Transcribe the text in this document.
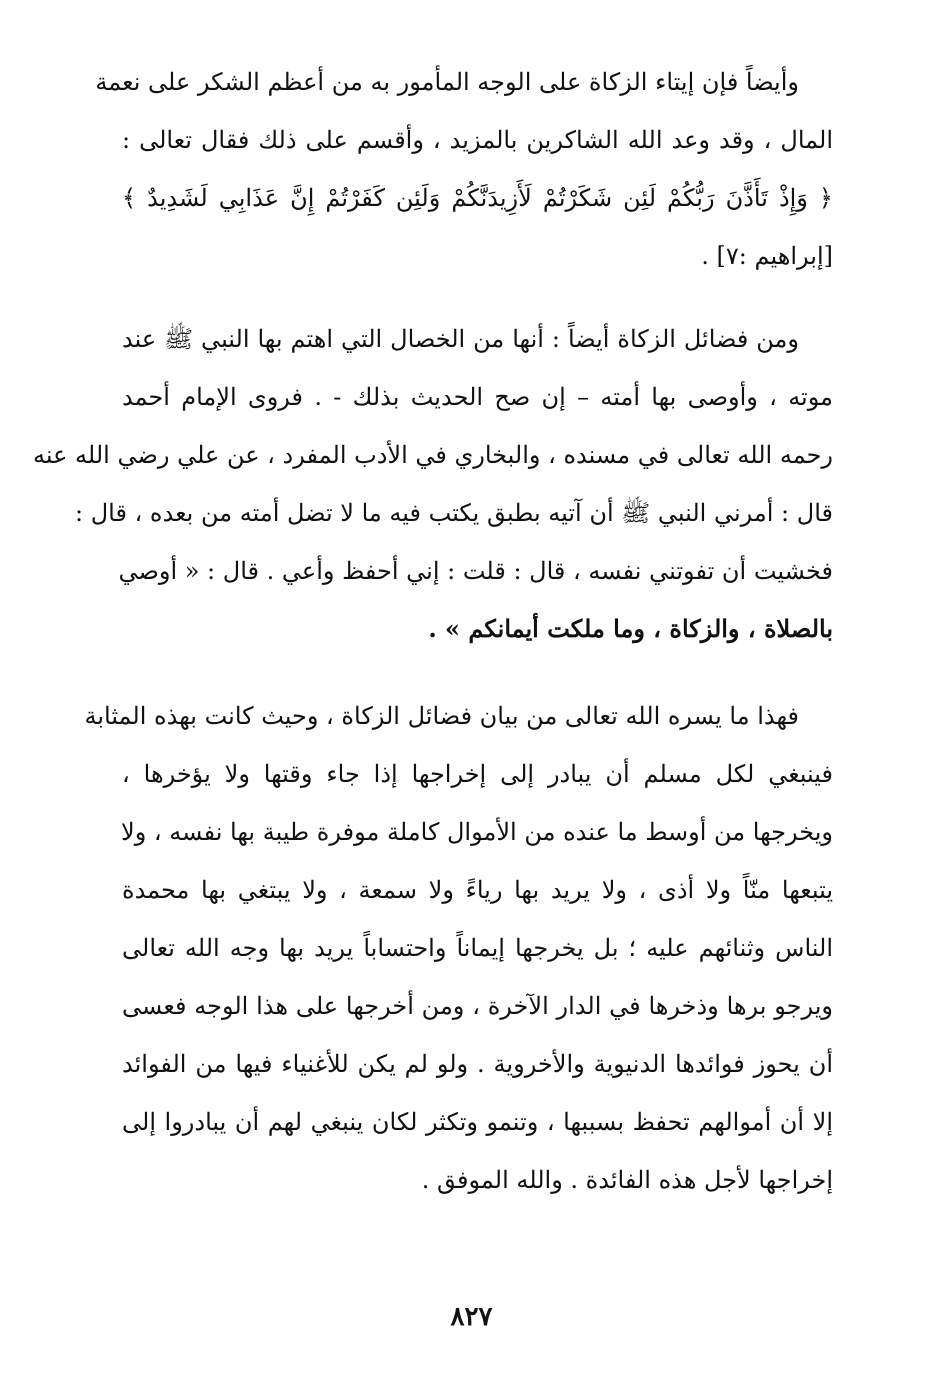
وأيضاً فإن إيتاء الزكاة على الوجه المأمور به من أعظم الشكر على نعمة
المال ، وقد وعد الله الشاكرين بالمزيد ، وأقسم على ذلك فقال تعالى :
﴿ وَإِذْ تَأَذَّنَ رَبُّكُمْ لَئِن شَكَرْتُمْ لَأَزِيدَنَّكُمْ وَلَئِن كَفَرْتُمْ إِنَّ عَذَابِي لَشَدِيدٌ ﴾
[إبراهيم :٧] .
ومن فضائل الزكاة أيضاً : أنها من الخصال التي اهتم بها النبي ﷺ عند
موته ، وأوصى بها أمته – إن صح الحديث بذلك - . فروى الإمام أحمد
رحمه الله تعالى في مسنده ، والبخاري في الأدب المفرد ، عن علي رضي الله عنه
قال : أمرني النبي ﷺ أن آتيه بطبق يكتب فيه ما لا تضل أمته من بعده ، قال :
فخشيت أن تفوتني نفسه ، قال : قلت : إني أحفظ وأعي . قال : « أوصي
بالصلاة ، والزكاة ، وما ملكت أيمانكم » .
فهذا ما يسره الله تعالى من بيان فضائل الزكاة ، وحيث كانت بهذه المثابة
فينبغي لكل مسلم أن يبادر إلى إخراجها إذا جاء وقتها ولا يؤخرها ،
ويخرجها من أوسط ما عنده من الأموال كاملة موفرة طيبة بها نفسه ، ولا
يتبعها منّاً ولا أذى ، ولا يريد بها رياءً ولا سمعة ، ولا يبتغي بها محمدة
الناس وثنائهم عليه ؛ بل يخرجها إيماناً واحتساباً يريد بها وجه الله تعالى
ويرجو برها وذخرها في الدار الآخرة ، ومن أخرجها على هذا الوجه فعسى
أن يحوز فوائدها الدنيوية والأخروية . ولو لم يكن للأغنياء فيها من الفوائد
إلا أن أموالهم تحفظ بسببها ، وتنمو وتكثر لكان ينبغي لهم أن يبادروا إلى
إخراجها لأجل هذه الفائدة . والله الموفق .
٨٢٧
